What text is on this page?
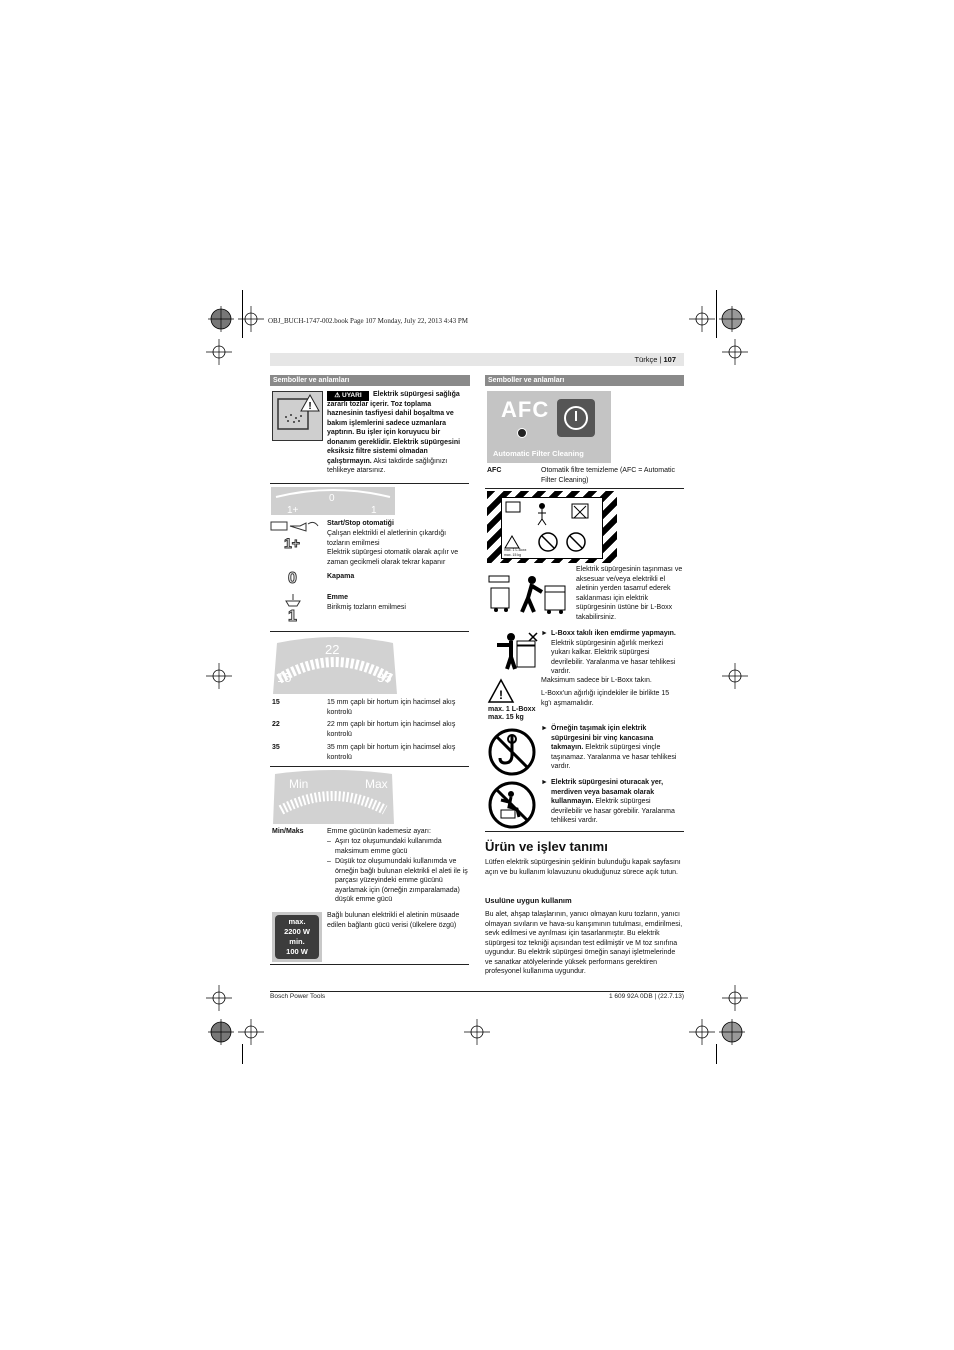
OBJ_BUCH-1747-002.book Page 107 Monday, July 22, 2013 4:43 PM
Türkçe | 107
Semboller ve anlamları
!
⚠ UYARI	Elektrik süpürgesi sağlığa zararlı tozlar içerir. Toz toplama haznesinin tasfiyesi dahil boşaltma ve bakım işlemlerini sadece uzmanlara yaptırın. Bu işler için koruyucu bir donanım gereklidir. Elektrik süpürgesini eksiksiz filtre sistemi olmadan çalıştırmayın. Aksi takdirde sağlığınızı tehlikeye atarsınız.
1+
0
1
1+
Start/Stop otomatiği
Çalışan elektrikli el aletlerinin çıkardığı tozların emilmesi
Elektrik süpürgesi otomatik olarak açılır ve zaman gecikmeli olarak tekrar kapanır
0	Kapama
1
Emme
Birikmiş tozların emilmesi
15
22
35
15	15 mm çaplı bir hortum için hacimsel akış kontrolü
22	22 mm çaplı bir hortum için hacimsel akış kontrolü
35	35 mm çaplı bir hortum için hacimsel akış kontrolü
Min	Max
Min/Maks	Emme gücünün kademesiz ayarı:
– Aşırı toz oluşumundaki kullanımda maksimum emme gücü
– Düşük toz oluşumundaki kullanımda ve örneğin bağlı bulunan elektrikli el aleti ile iş parçası yüzeyindeki emme gücünü ayarlamak için (örneğin zımparalamada) düşük emme gücü
max.
2200 W
min.
100 W
Bağlı bulunan elektrikli el aletinin müsaade edilen bağlantı gücü verisi (ülkelere özgü)
Semboller ve anlamları
AFC
Automatic Filter Cleaning
AFC	Otomatik filtre temizleme (AFC = Automatic Filter Cleaning)
max. 1 L-Boxx
max. 15 kg
Elektrik süpürgesinin taşınması ve aksesuar ve/veya elektrikli el aletinin yerden tasarruf ederek saklanması için elektrik süpürgesinin üstüne bir L-Boxx takabilirsiniz.
► L-Boxx takılı iken emdirme yapmayın. Elektrik süpürgesinin ağırlık merkezi yukarı kalkar. Elektrik süpürgesi devrilebilir. Yaralanma ve hasar tehlikesi vardır.
!
max. 1 L-Boxx
max. 15 kg
Maksimum sadece bir L-Boxx takın.
L-Boxx'un ağırlığı içindekiler ile birlikte 15 kg'ı aşmamalıdır.
► Örneğin taşımak için elektrik süpürgesini bir vinç kancasına takmayın. Elektrik süpürgesi vinçle taşınamaz. Yaralanma ve hasar tehlikesi vardır.
► Elektrik süpürgesini oturacak yer, merdiven veya basamak olarak kullanmayın. Elektrik süpürgesi devrilebilir ve hasar görebilir. Yaralanma tehlikesi vardır.
Ürün ve işlev tanımı
Lütfen elektrik süpürgesinin şeklinin bulunduğu kapak sayfasını açın ve bu kullanım kılavuzunu okuduğunuz sürece açık tutun.
Usulüne uygun kullanım
Bu alet, ahşap talaşlarının, yanıcı olmayan kuru tozların, yanıcı olmayan sıvıların ve hava-su karışımının tutulması, emdirilmesi, sevk edilmesi ve ayrılması için tasarlanmıştır. Bu elektrik süpürgesi toz tekniği açısından test edilmiştir ve M toz sınıfına uygundur. Bu elektrik süpürgesi örneğin sanayi işletmelerinde ve sanatkar atölyelerinde yüksek performans gerektiren profesyonel kullanıma uygundur.
Bosch Power Tools	1 609 92A 0DB | (22.7.13)
